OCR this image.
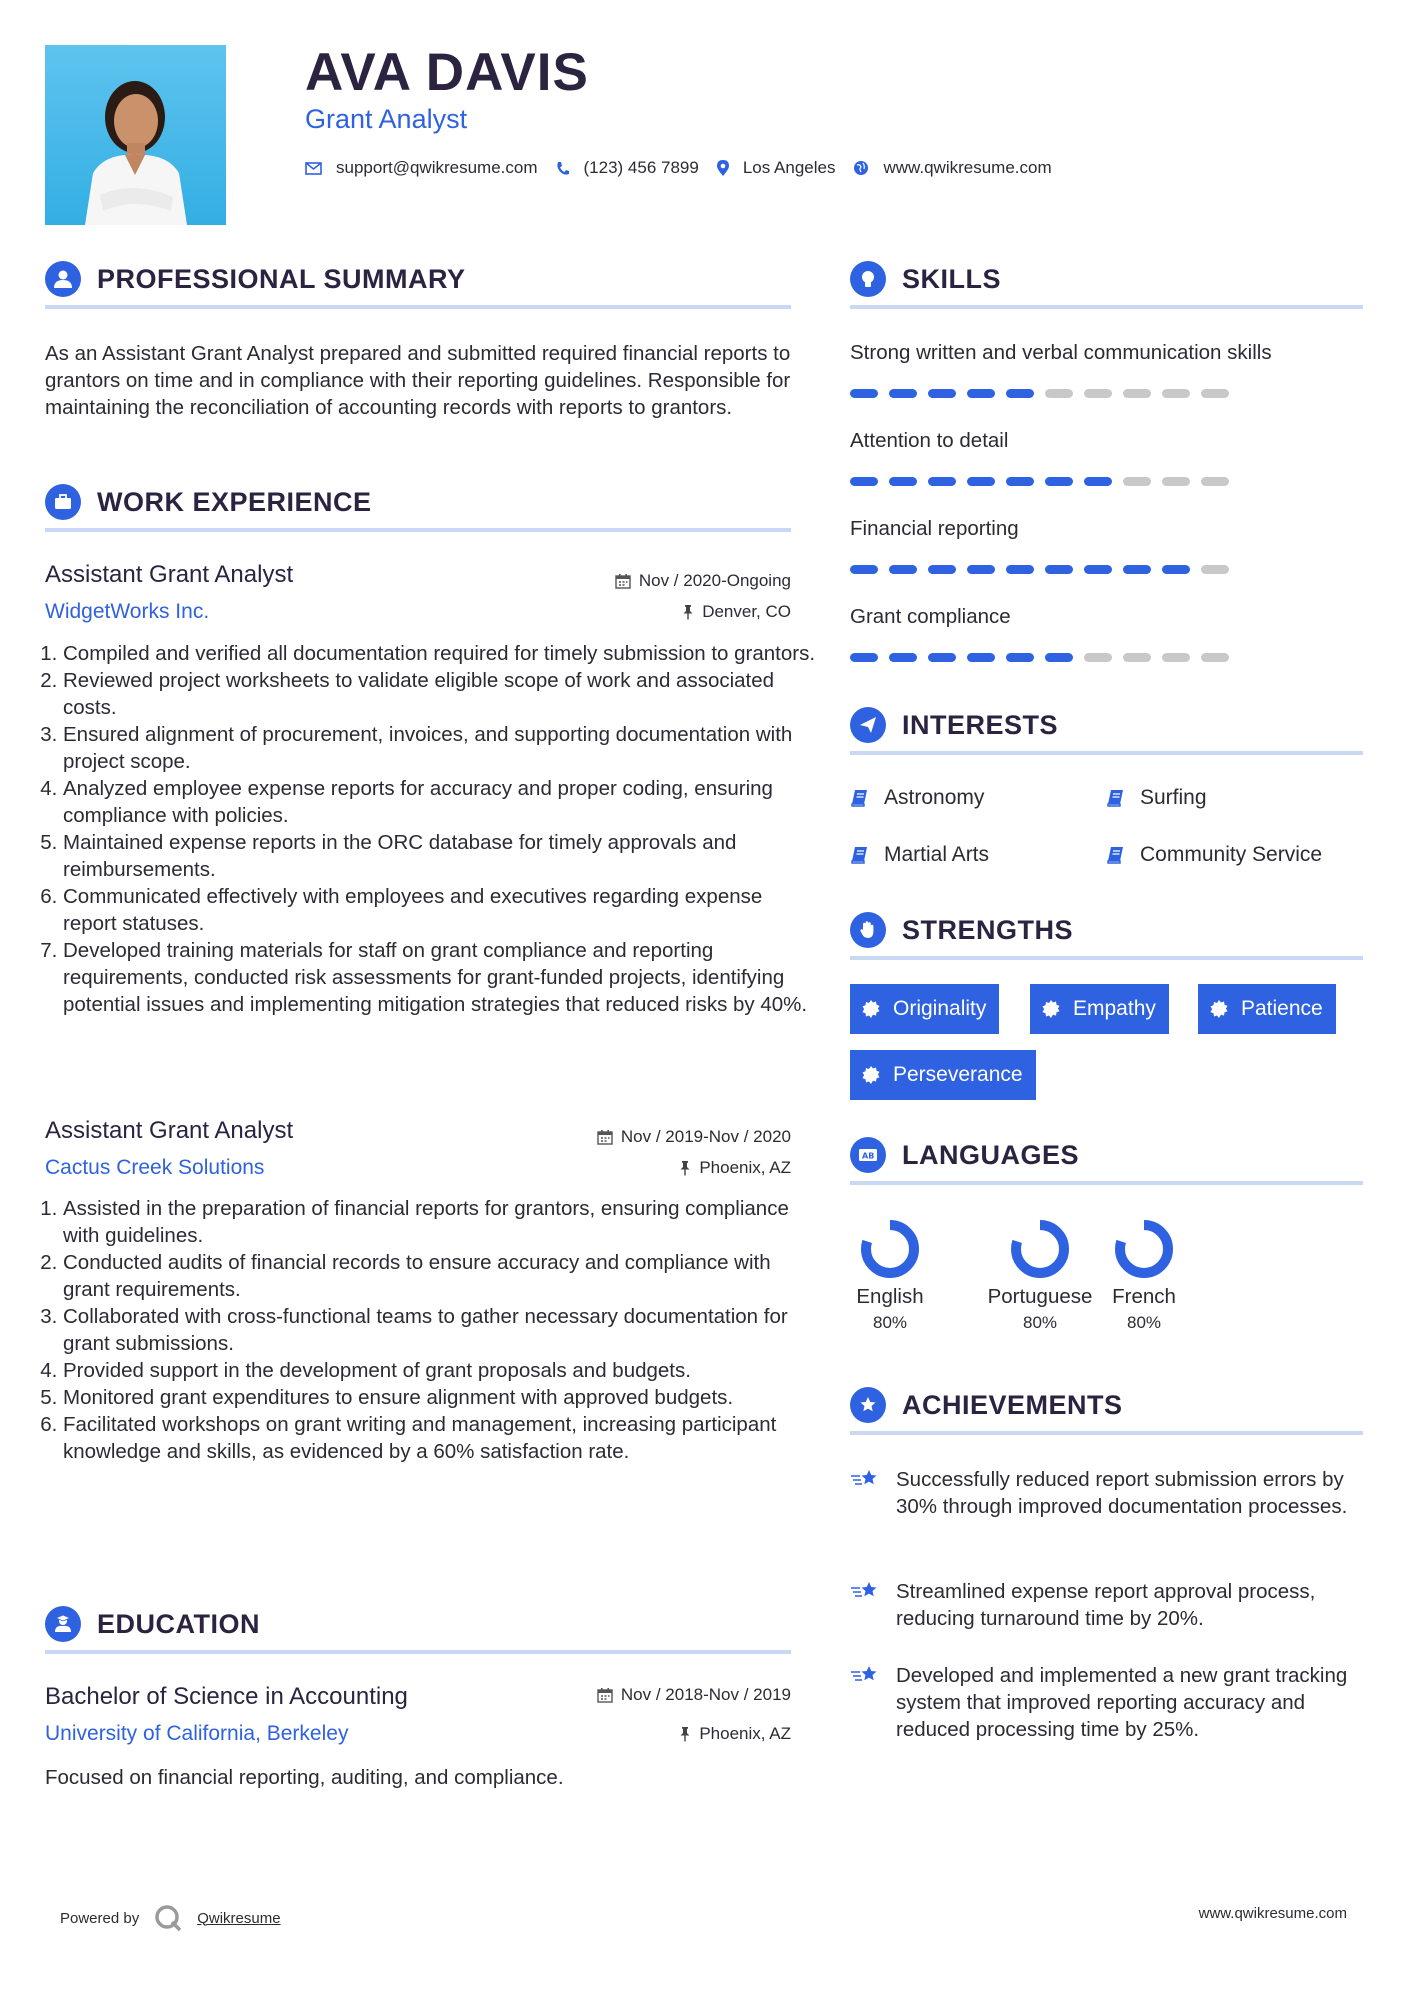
AVA DAVIS
Grant Analyst
support@qwikresume.com	(123) 456 7899	Los Angeles	www.qwikresume.com
PROFESSIONAL SUMMARY
As an Assistant Grant Analyst prepared and submitted required financial reports to grantors on time and in compliance with their reporting guidelines. Responsible for maintaining the reconciliation of accounting records with reports to grantors.
WORK EXPERIENCE
Assistant Grant Analyst	Nov / 2020-Ongoing
WidgetWorks Inc.	Denver, CO
1. Compiled and verified all documentation required for timely submission to grantors.
2. Reviewed project worksheets to validate eligible scope of work and associated costs.
3. Ensured alignment of procurement, invoices, and supporting documentation with project scope.
4. Analyzed employee expense reports for accuracy and proper coding, ensuring compliance with policies.
5. Maintained expense reports in the ORC database for timely approvals and reimbursements.
6. Communicated effectively with employees and executives regarding expense report statuses.
7. Developed training materials for staff on grant compliance and reporting requirements, conducted risk assessments for grant-funded projects, identifying potential issues and implementing mitigation strategies that reduced risks by 40%.
Assistant Grant Analyst	Nov / 2019-Nov / 2020
Cactus Creek Solutions	Phoenix, AZ
1. Assisted in the preparation of financial reports for grantors, ensuring compliance with guidelines.
2. Conducted audits of financial records to ensure accuracy and compliance with grant requirements.
3. Collaborated with cross-functional teams to gather necessary documentation for grant submissions.
4. Provided support in the development of grant proposals and budgets.
5. Monitored grant expenditures to ensure alignment with approved budgets.
6. Facilitated workshops on grant writing and management, increasing participant knowledge and skills, as evidenced by a 60% satisfaction rate.
EDUCATION
Bachelor of Science in Accounting	Nov / 2018-Nov / 2019
University of California, Berkeley	Phoenix, AZ
Focused on financial reporting, auditing, and compliance.
SKILLS
Strong written and verbal communication skills
Attention to detail
Financial reporting
Grant compliance
INTERESTS
Astronomy	Surfing
Martial Arts	Community Service
STRENGTHS
Originality	Empathy	Patience
Perseverance
AB LANGUAGES
English
80%
Portuguese
80%
French
80%
ACHIEVEMENTS
Successfully reduced report submission errors by 30% through improved documentation processes.
Streamlined expense report approval process, reducing turnaround time by 20%.
Developed and implemented a new grant tracking system that improved reporting accuracy and reduced processing time by 25%.
Powered by	Qwikresume	www.qwikresume.com
